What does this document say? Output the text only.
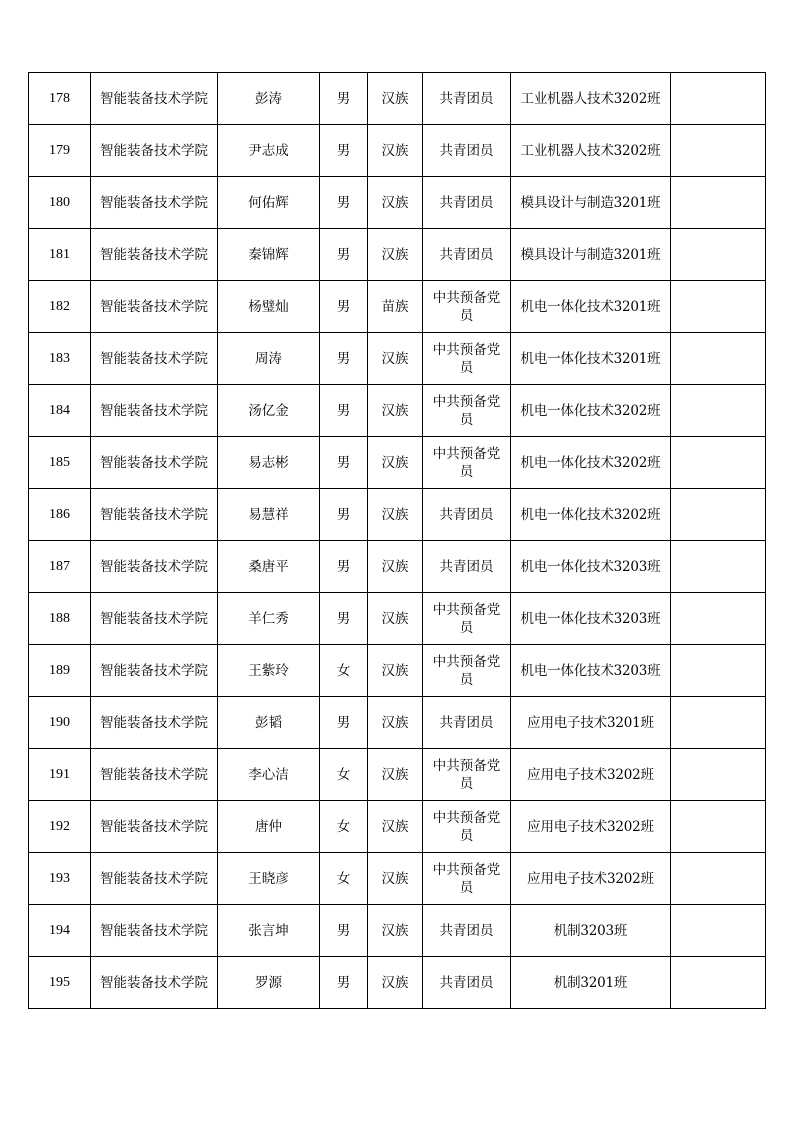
178	智能装备技术学院	彭涛	男	汉族	共青团员	工业机器人技术3202班	
179	智能装备技术学院	尹志成	男	汉族	共青团员	工业机器人技术3202班	
180	智能装备技术学院	何佑辉	男	汉族	共青团员	模具设计与制造3201班	
181	智能装备技术学院	秦锦辉	男	汉族	共青团员	模具设计与制造3201班	
182	智能装备技术学院	杨璧灿	男	苗族	中共预备党员	机电一体化技术3201班	
183	智能装备技术学院	周涛	男	汉族	中共预备党员	机电一体化技术3201班	
184	智能装备技术学院	汤亿金	男	汉族	中共预备党员	机电一体化技术3202班	
185	智能装备技术学院	易志彬	男	汉族	中共预备党员	机电一体化技术3202班	
186	智能装备技术学院	易慧祥	男	汉族	共青团员	机电一体化技术3202班	
187	智能装备技术学院	桑唐平	男	汉族	共青团员	机电一体化技术3203班	
188	智能装备技术学院	羊仁秀	男	汉族	中共预备党员	机电一体化技术3203班	
189	智能装备技术学院	王紫玲	女	汉族	中共预备党员	机电一体化技术3203班	
190	智能装备技术学院	彭韬	男	汉族	共青团员	应用电子技术3201班	
191	智能装备技术学院	李心洁	女	汉族	中共预备党员	应用电子技术3202班	
192	智能装备技术学院	唐仲	女	汉族	中共预备党员	应用电子技术3202班	
193	智能装备技术学院	王晓彦	女	汉族	中共预备党员	应用电子技术3202班	
194	智能装备技术学院	张言坤	男	汉族	共青团员	机制3203班	
195	智能装备技术学院	罗源	男	汉族	共青团员	机制3201班	
